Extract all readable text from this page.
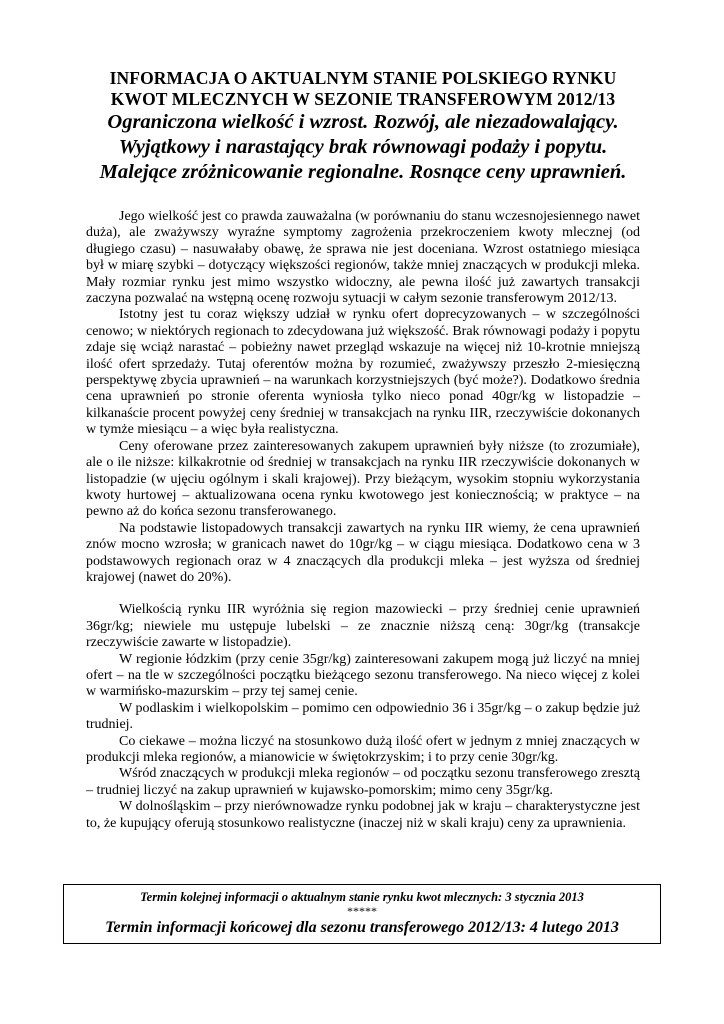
INFORMACJA O AKTUALNYM STANIE POLSKIEGO RYNKU
KWOT MLECZNYCH W SEZONIE TRANSFEROWYM 2012/13
Ograniczona wielkość i wzrost. Rozwój, ale niezadowalający.
Wyjątkowy i narastający brak równowagi podaży i popytu.
Malejące zróżnicowanie regionalne. Rosnące ceny uprawnień.

Jego wielkość jest co prawda zauważalna (w porównaniu do stanu wczesnojesiennego nawet duża), ale zważywszy wyraźne symptomy zagrożenia przekroczeniem kwoty mlecznej (od długiego czasu) – nasuwałaby obawę, że sprawa nie jest doceniana. Wzrost ostatniego miesiąca był w miarę szybki – dotyczący większości regionów, także mniej znaczących w produkcji mleka. Mały rozmiar rynku jest mimo wszystko widoczny, ale pewna ilość już zawartych transakcji zaczyna pozwalać na wstępną ocenę rozwoju sytuacji w całym sezonie transferowym 2012/13.

Istotny jest tu coraz większy udział w rynku ofert doprecyzowanych – w szczególności cenowo; w niektórych regionach to zdecydowana już większość. Brak równowagi podaży i popytu zdaje się wciąż narastać – pobieżny nawet przegląd wskazuje na więcej niż 10-krotnie mniejszą ilość ofert sprzedaży. Tutaj oferentów można by rozumieć, zważywszy przeszło 2-miesięczną perspektywę zbycia uprawnień – na warunkach korzystniejszych (być może?). Dodatkowo średnia cena uprawnień po stronie oferenta wyniosła tylko nieco ponad 40gr/kg w listopadzie – kilkanaście procent powyżej ceny średniej w transakcjach na rynku IIR, rzeczywiście dokonanych w tymże miesiącu – a więc była realistyczna.

Ceny oferowane przez zainteresowanych zakupem uprawnień były niższe (to zrozumiałe), ale o ile niższe: kilkakrotnie od średniej w transakcjach na rynku IIR rzeczywiście dokonanych w listopadzie (w ujęciu ogólnym i skali krajowej). Przy bieżącym, wysokim stopniu wykorzystania kwoty hurtowej – aktualizowana ocena rynku kwotowego jest koniecznością; w praktyce – na pewno aż do końca sezonu transferowanego.

Na podstawie listopadowych transakcji zawartych na rynku IIR wiemy, że cena uprawnień znów mocno wzrosła; w granicach nawet do 10gr/kg – w ciągu miesiąca. Dodatkowo cena w 3 podstawowych regionach oraz w 4 znaczących dla produkcji mleka – jest wyższa od średniej krajowej (nawet do 20%).

Wielkością rynku IIR wyróżnia się region mazowiecki – przy średniej cenie uprawnień 36gr/kg; niewiele mu ustępuje lubelski – ze znacznie niższą ceną: 30gr/kg (transakcje rzeczywiście zawarte w listopadzie).

W regionie łódzkim (przy cenie 35gr/kg) zainteresowani zakupem mogą już liczyć na mniej ofert – na tle w szczególności początku bieżącego sezonu transferowego. Na nieco więcej z kolei w warmińsko-mazurskim – przy tej samej cenie.

W podlaskim i wielkopolskim – pomimo cen odpowiednio 36 i 35gr/kg – o zakup będzie już trudniej.

Co ciekawe – można liczyć na stosunkowo dużą ilość ofert w jednym z mniej znaczących w produkcji mleka regionów, a mianowicie w świętokrzyskim; i to przy cenie 30gr/kg.

Wśród znaczących w produkcji mleka regionów – od początku sezonu transferowego zresztą – trudniej liczyć na zakup uprawnień w kujawsko-pomorskim; mimo ceny 35gr/kg.

W dolnośląskim – przy nierównowadze rynku podobnej jak w kraju – charakterystyczne jest to, że kupujący oferują stosunkowo realistyczne (inaczej niż w skali kraju) ceny za uprawnienia.

Termin kolejnej informacji o aktualnym stanie rynku kwot mlecznych: 3 stycznia 2013
*****
Termin informacji końcowej dla sezonu transferowego 2012/13: 4 lutego 2013
